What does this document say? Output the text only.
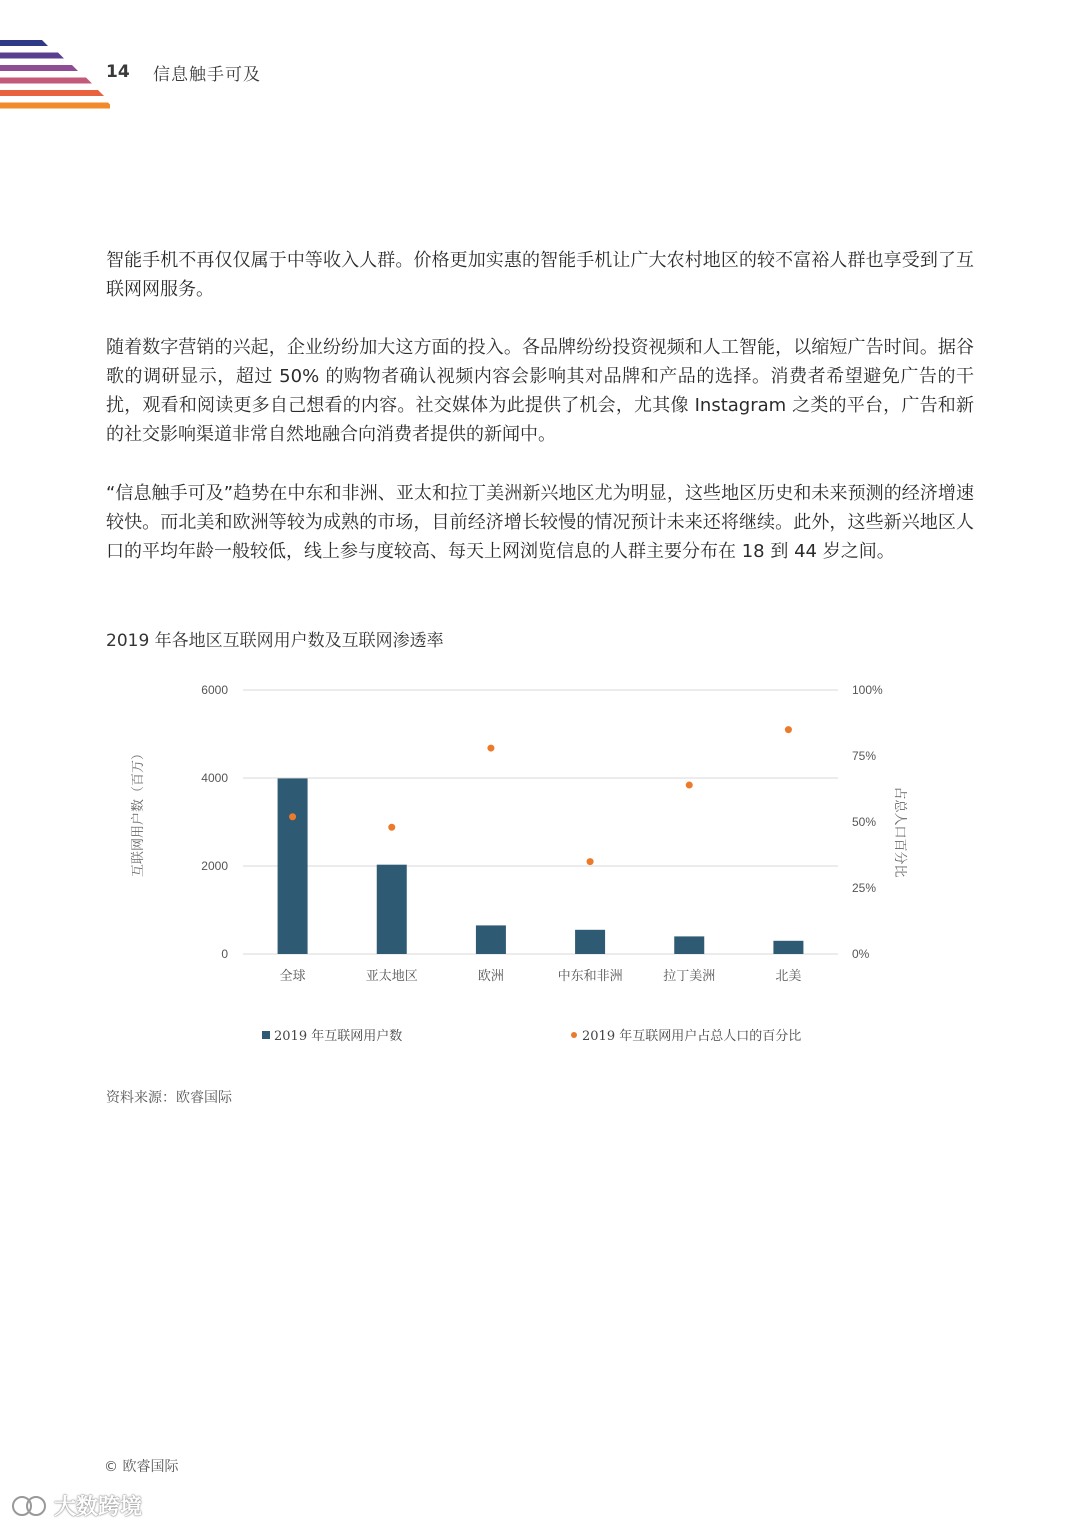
14 信息触手可及

智能手机不再仅仅属于中等收入人群。价格更加实惠的智能手机让广大农村地区的较不富裕人群也享受到了互联网网服务。

随着数字营销的兴起，企业纷纷加大这方面的投入。各品牌纷纷投资视频和人工智能，以缩短广告时间。据谷歌的调研显示，超过 50% 的购物者确认视频内容会影响其对品牌和产品的选择。消费者希望避免广告的干扰，观看和阅读更多自己想看的内容。社交媒体为此提供了机会，尤其像 Instagram 之类的平台，广告和新的社交影响渠道非常自然地融合向消费者提供的新闻中。

“信息触手可及”趋势在中东和非洲、亚太和拉丁美洲新兴地区尤为明显，这些地区历史和未来预测的经济增速较快。而北美和欧洲等较为成熟的市场，目前经济增长较慢的情况预计未来还将继续。此外，这些新兴地区人口的平均年龄一般较低，线上参与度较高、每天上网浏览信息的人群主要分布在 18 到 44 岁之间。

2019 年各地区互联网用户数及互联网渗透率
0
2000
4000
6000
0%
25%
50%
75%
100%
全球	亚太地区	欧洲	中东和非洲	拉丁美洲	北美
互联网用户数（百万）	占总人口百分比
2019 年互联网用户数	2019 年互联网用户占总人口的百分比
资料来源：欧睿国际
© 欧睿国际
大数跨境
